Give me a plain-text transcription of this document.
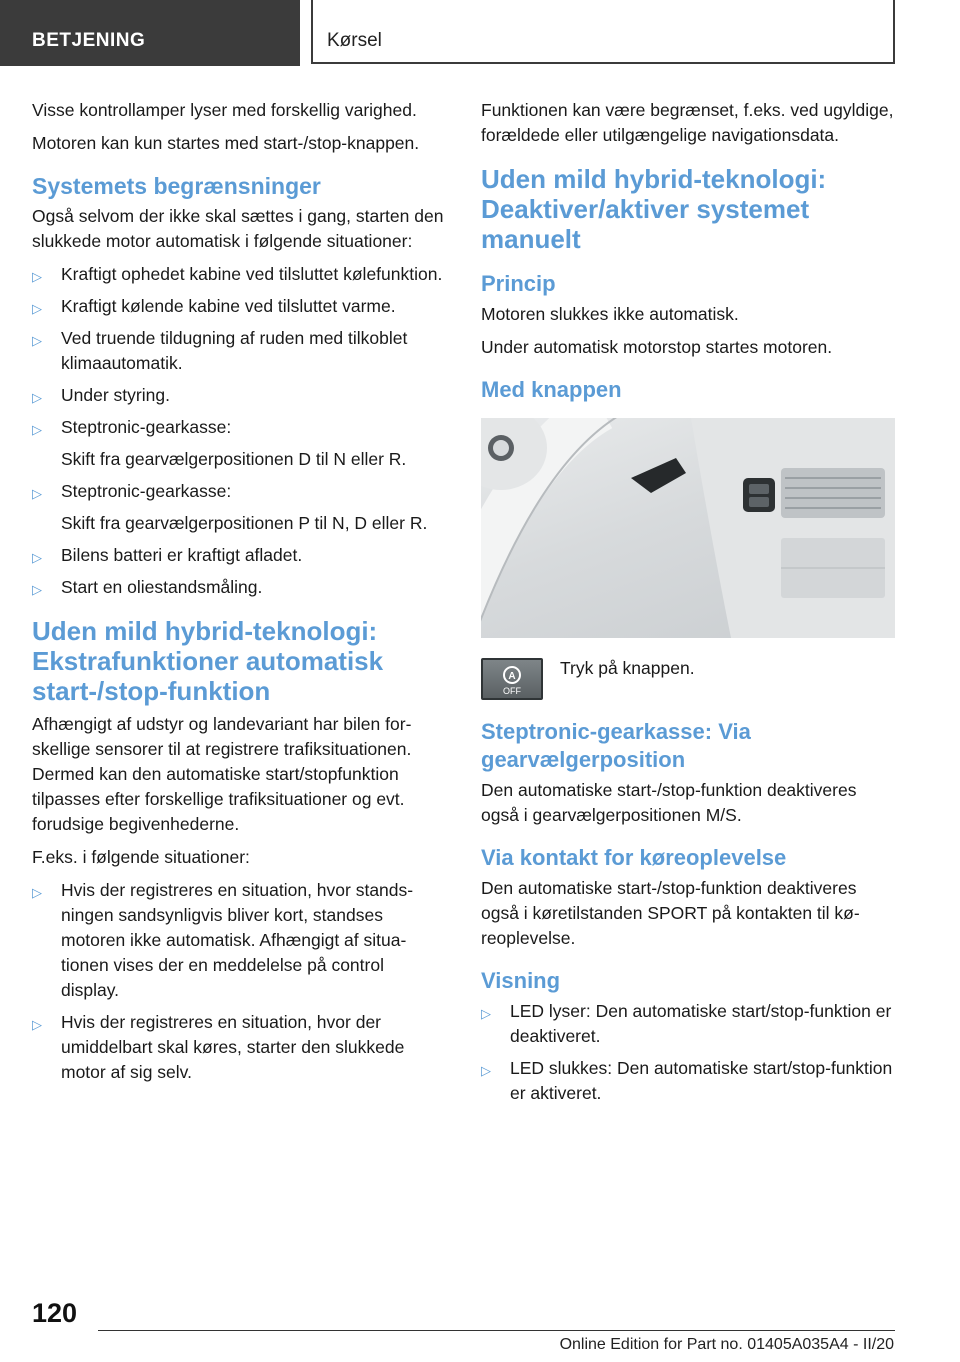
BETJENING	Kørsel

Visse kontrollamper lyser med forskellig varighed.

Motoren kan kun startes med start-/stop-knappen.

Systemets begrænsninger

Også selvom der ikke skal sættes i gang, starten den slukkede motor automatisk i følgende situationer:

▷ Kraftigt ophedet kabine ved tilsluttet kølefunktion.
▷ Kraftigt kølende kabine ved tilsluttet varme.
▷ Ved truende tildugning af ruden med tilkoblet klimaautomatik.
▷ Under styring.
▷ Steptronic-gearkasse:
Skift fra gearvælgerpositionen D til N eller R.
▷ Steptronic-gearkasse:
Skift fra gearvælgerpositionen P til N, D eller R.
▷ Bilens batteri er kraftigt afladet.
▷ Start en oliestandsmåling.
Uden mild hybrid-teknologi: Ekstrafunktioner automatisk start-/stop-funktion

Afhængigt af udstyr og landevariant har bilen forskellige sensorer til at registrere trafiksituationen. Dermed kan den automatiske start/stopfunktion tilpasses efter forskellige trafiksituationer og evt. forudsige begivenhederne.

F.eks. i følgende situationer:

▷ Hvis der registreres en situation, hvor standsningen sandsynligvis bliver kort, standses motoren ikke automatisk. Afhængigt af situationen vises der en meddelelse på control display.
▷ Hvis der registreres en situation, hvor der umiddelbart skal køres, starter den slukkede motor af sig selv.

Funktionen kan være begrænset, f.eks. ved ugyldige, forældede eller utilgængelige navigationsdata.

Uden mild hybrid-teknologi: Deaktiver/aktiver systemet manuelt
Princip

Motoren slukkes ikke automatisk.

Under automatisk motorstop startes motoren.

Med knappen
A
OFF
Tryk på knappen.
Steptronic-gearkasse: Via gearvælgerposition

Den automatiske start-/stop-funktion deaktiveres også i gearvælgerpositionen M/S.

Via kontakt for køreoplevelse

Den automatiske start-/stop-funktion deaktiveres også i køretilstanden SPORT på kontakten til køreoplevelse.

Visning
▷ LED lyser: Den automatiske start/stop-funktion er deaktiveret.
▷ LED slukkes: Den automatiske start/stop-funktion er aktiveret.
120
Online Edition for Part no. 01405A035A4 - II/20
